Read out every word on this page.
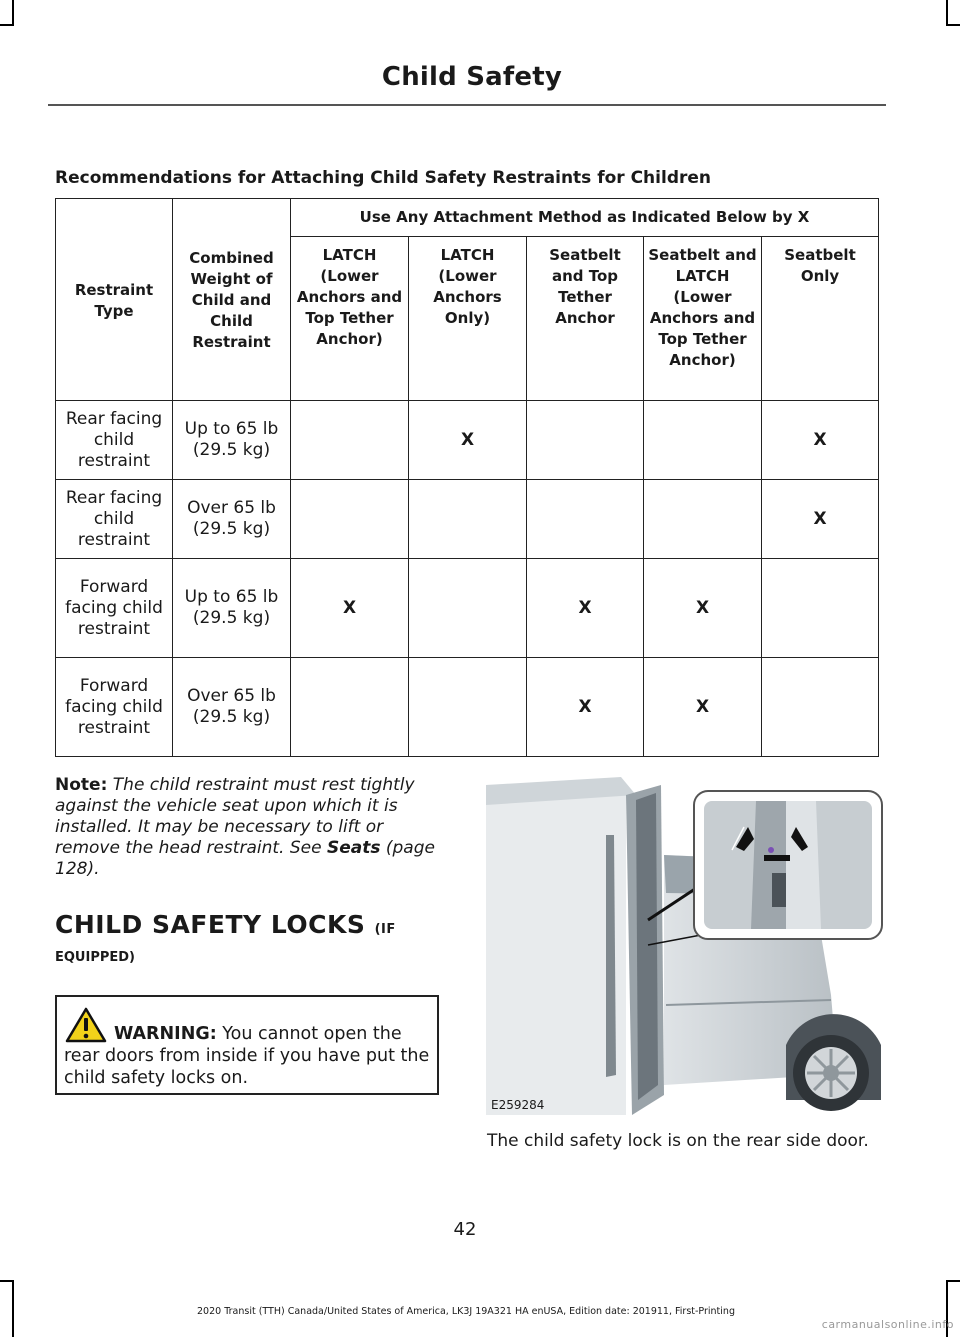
Child Safety
Recommendations for Attaching Child Safety Restraints for Children
Restraint Type	Combined Weight of Child and Child Restraint	Use Any Attachment Method as Indicated Below by X				
		LATCH (Lower Anchors and Top Tether Anchor)	LATCH (Lower Anchors Only)	Seatbelt and Top Tether Anchor	Seatbelt and LATCH (Lower Anchors and Top Tether Anchor)	Seatbelt Only
Rear facing child restraint	Up to 65 lb (29.5 kg)		X			X
Rear facing child restraint	Over 65 lb (29.5 kg)					X
Forward facing child restraint	Up to 65 lb (29.5 kg)	X		X	X	
Forward facing child restraint	Over 65 lb (29.5 kg)			X	X	
Note: The child restraint must rest tightly against the vehicle seat upon which it is installed. It may be necessary to lift or remove the head restraint. See Seats (page 128).
CHILD SAFETY LOCKS (IF
EQUIPPED)
WARNING: You cannot open the rear doors from inside if you have put the child safety locks on.
E259284
The child safety lock is on the rear side door.
42
2020 Transit (TTH) Canada/United States of America, LK3J 19A321 HA enUSA, Edition date: 201911, First-Printing
carmanualsonline.info
